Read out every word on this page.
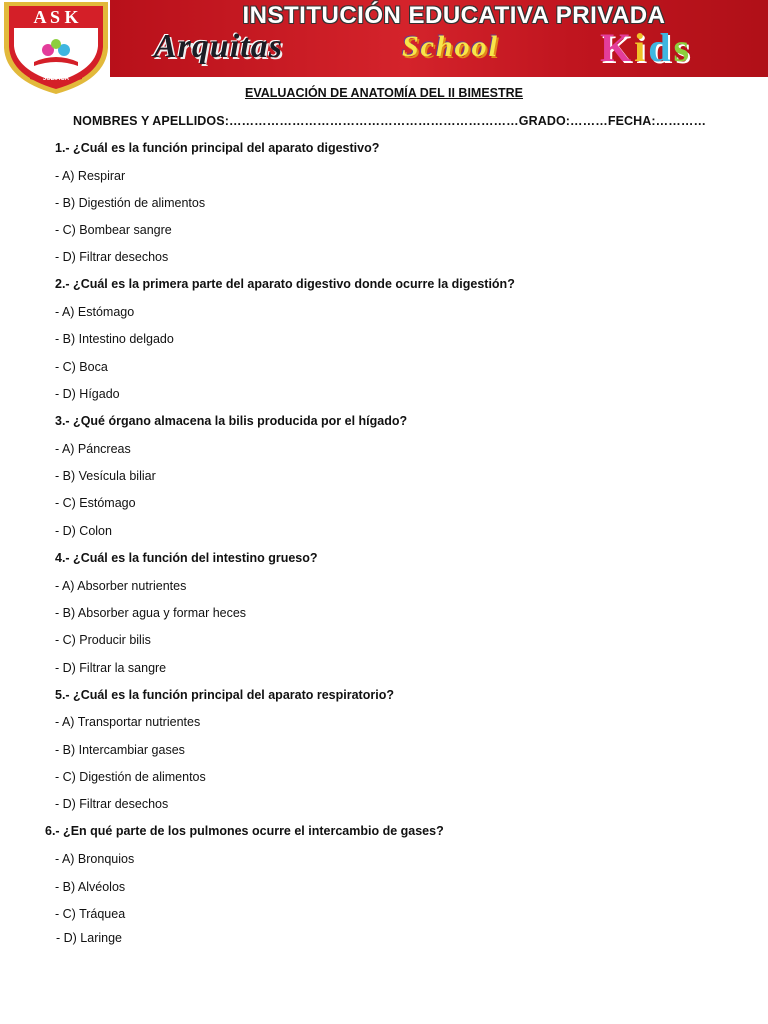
INSTITUCIÓN EDUCATIVA PRIVADA
Arquitas	School	Kids
A S K
JULIACA
EVALUACIÓN DE ANATOMÍA DEL II BIMESTRE
NOMBRES Y APELLIDOS:……………………………………………………………GRADO:………FECHA:…………
1.- ¿Cuál es la función principal del aparato digestivo?
- A) Respirar
- B) Digestión de alimentos
- C) Bombear sangre
- D) Filtrar desechos
2.- ¿Cuál es la primera parte del aparato digestivo donde ocurre la digestión?
- A) Estómago
- B) Intestino delgado
- C) Boca
- D) Hígado
3.- ¿Qué órgano almacena la bilis producida por el hígado?
- A) Páncreas
- B) Vesícula biliar
- C) Estómago
- D) Colon
4.- ¿Cuál es la función del intestino grueso?
- A) Absorber nutrientes
- B) Absorber agua y formar heces
- C) Producir bilis
- D) Filtrar la sangre
5.- ¿Cuál es la función principal del aparato respiratorio?
- A) Transportar nutrientes
- B) Intercambiar gases
- C) Digestión de alimentos
- D) Filtrar desechos
6.- ¿En qué parte de los pulmones ocurre el intercambio de gases?
- A) Bronquios
- B) Alvéolos
- C) Tráquea
- D) Laringe
